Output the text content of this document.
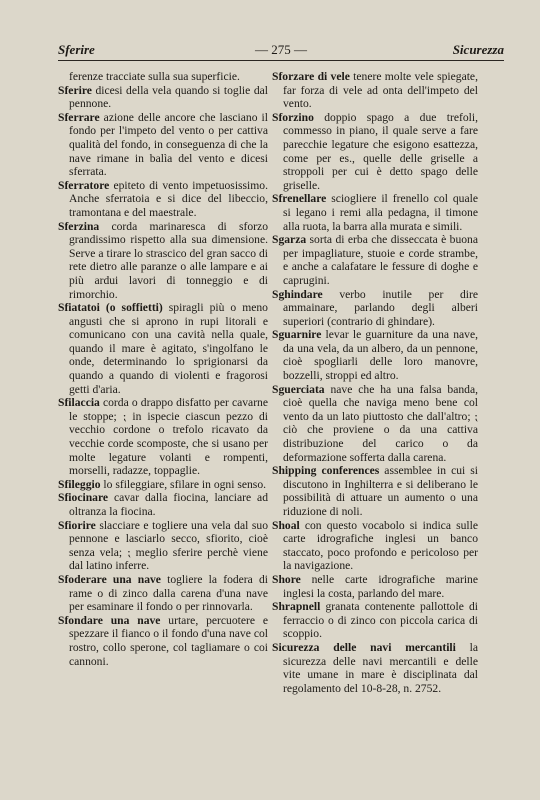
Sferire	— 275 —	Sicurezza

ferenze tracciate sulla sua superficie.

Sferire dicesi della vela quando si toglie dal pennone.

Sferrare azione delle ancore che lasciano il fondo per l'impeto del vento o per cattiva qualità del fondo, in conseguenza di che la nave rimane in balìa del vento e dicesi sferrata.

Sferratore epiteto di vento impetuosissimo. Anche sferratoia e si dice del libeccio, tramontana e del maestrale.

Sferzina corda marinaresca di sforzo grandissimo rispetto alla sua dimensione. Serve a tirare lo strascico del gran sacco di rete dietro alle paranze o alle lampare e ai più ardui lavori di tonneggio e di rimorchio.

Sfiatatoi (o soffietti) spiragli più o meno angusti che si aprono in rupi litorali e comunicano con una cavità nella quale, quando il mare è agitato, s'ingolfano le onde, determinando lo sprigionarsi da quando a quando di violenti e fragorosi getti d'aria.

Sfilaccia corda o drappo disfatto per cavarne le stoppe; ⁏ in ispecie ciascun pezzo di vecchio cordone o trefolo ricavato da vecchie corde scomposte, che si usano per molte legature volanti e rompenti, morselli, radazze, toppaglie.

Sfileggio lo sfileggiare, sfilare in ogni senso.

Sfiocinare cavar dalla fiocina, lanciare ad oltranza la fiocina.

Sfiorire slacciare e togliere una vela dal suo pennone e lasciarlo secco, sfiorito, cioè senza vela; ⁏ meglio sferire perchè viene dal latino inferre.

Sfoderare una nave togliere la fodera di rame o di zinco dalla carena d'una nave per esaminare il fondo o per rinnovarla.

Sfondare una nave urtare, percuotere e spezzare il fianco o il fondo d'una nave col rostro, collo sperone, col tagliamare o coi cannoni.

Sforzare di vele tenere molte vele spiegate, far forza di vele ad onta dell'impeto del vento.

Sforzino doppio spago a due trefoli, commesso in piano, il quale serve a fare parecchie legature che esigono esattezza, come per es., quelle delle griselle a stroppoli per cui è detto spago delle griselle.

Sfrenellare sciogliere il frenello col quale si legano i remi alla pedagna, il timone alla ruota, la barra alla murata e simili.

Sgarza sorta di erba che disseccata è buona per impagliature, stuoie e corde strambe, e anche a calafatare le fessure di doghe e caprugini.

Sghindare verbo inutile per dire ammainare, parlando degli alberi superiori (contrario di ghindare).

Sguarnire levar le guarniture da una nave, da una vela, da un albero, da un pennone, cioè spogliarli delle loro manovre, bozzelli, stroppi ed altro.

Sguerciata nave che ha una falsa banda, cioè quella che naviga meno bene col vento da un lato piuttosto che dall'altro; ⁏ ciò che proviene o da una cattiva distribuzione del carico o da deformazione sofferta dalla carena.

Shipping conferences assemblee in cui si discutono in Inghilterra e si deliberano le possibilità di attuare un aumento o una riduzione di noli.

Shoal con questo vocabolo si indica sulle carte idrografiche inglesi un banco staccato, poco profondo e pericoloso per la navigazione.

Shore nelle carte idrografiche marine inglesi la costa, parlando del mare.

Shrapnell granata contenente pallottole di ferraccio o di zinco con piccola carica di scoppio.

Sicurezza delle navi mercantili la sicurezza delle navi mercantili e delle vite umane in mare è disciplinata dal regolamento del 10-8-28, n. 2752.
